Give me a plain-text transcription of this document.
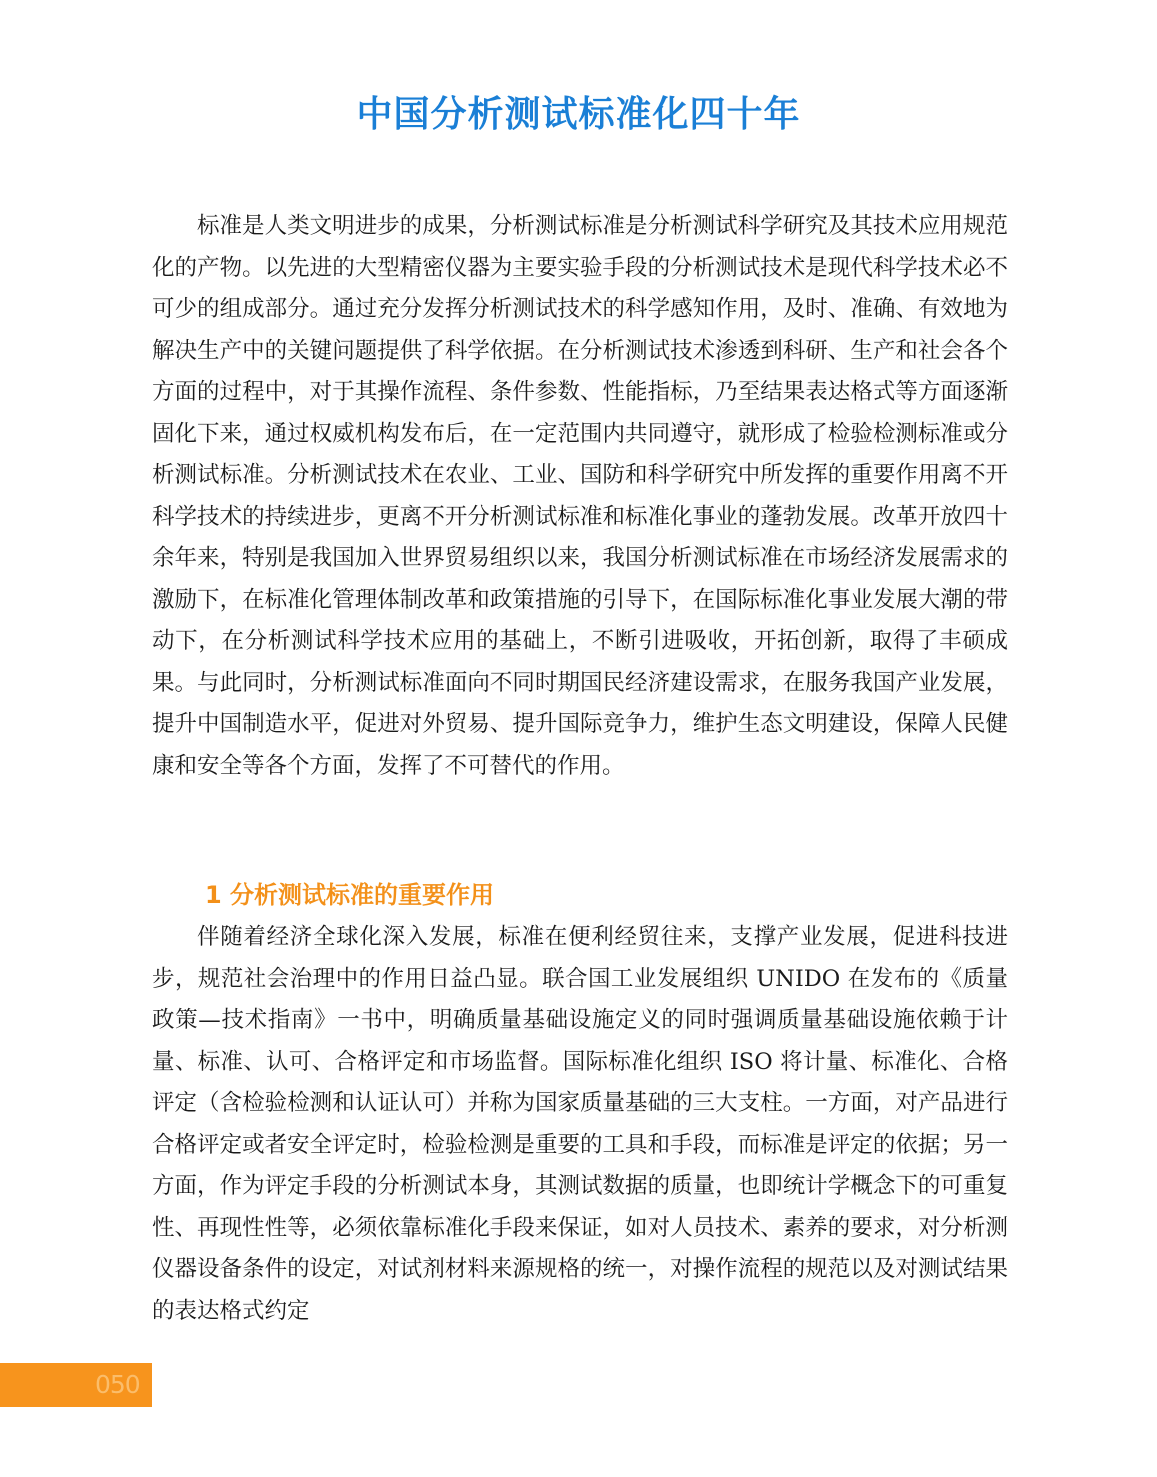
中国分析测试标准化四十年

标准是人类文明进步的成果，分析测试标准是分析测试科学研究及其技术应用规范化的产物。以先进的大型精密仪器为主要实验手段的分析测试技术是现代科学技术必不可少的组成部分。通过充分发挥分析测试技术的科学感知作用，及时、准确、有效地为解决生产中的关键问题提供了科学依据。在分析测试技术渗透到科研、生产和社会各个方面的过程中，对于其操作流程、条件参数、性能指标，乃至结果表达格式等方面逐渐固化下来，通过权威机构发布后，在一定范围内共同遵守，就形成了检验检测标准或分析测试标准。分析测试技术在农业、工业、国防和科学研究中所发挥的重要作用离不开科学技术的持续进步，更离不开分析测试标准和标准化事业的蓬勃发展。改革开放四十余年来，特别是我国加入世界贸易组织以来，我国分析测试标准在市场经济发展需求的激励下，在标准化管理体制改革和政策措施的引导下，在国际标准化事业发展大潮的带动下，在分析测试科学技术应用的基础上，不断引进吸收，开拓创新，取得了丰硕成果。与此同时，分析测试标准面向不同时期国民经济建设需求，在服务我国产业发展，提升中国制造水平，促进对外贸易、提升国际竞争力，维护生态文明建设，保障人民健康和安全等各个方面，发挥了不可替代的作用。

1 分析测试标准的重要作用

伴随着经济全球化深入发展，标准在便利经贸往来，支撑产业发展，促进科技进步，规范社会治理中的作用日益凸显。联合国工业发展组织 UNIDO 在发布的《质量政策—技术指南》一书中，明确质量基础设施定义的同时强调质量基础设施依赖于计量、标准、认可、合格评定和市场监督。国际标准化组织 ISO 将计量、标准化、合格评定（含检验检测和认证认可）并称为国家质量基础的三大支柱。一方面，对产品进行合格评定或者安全评定时，检验检测是重要的工具和手段，而标准是评定的依据；另一方面，作为评定手段的分析测试本身，其测试数据的质量，也即统计学概念下的可重复性、再现性性等，必须依靠标准化手段来保证，如对人员技术、素养的要求，对分析测仪器设备条件的设定，对试剂材料来源规格的统一，对操作流程的规范以及对测试结果的表达格式约定

050
